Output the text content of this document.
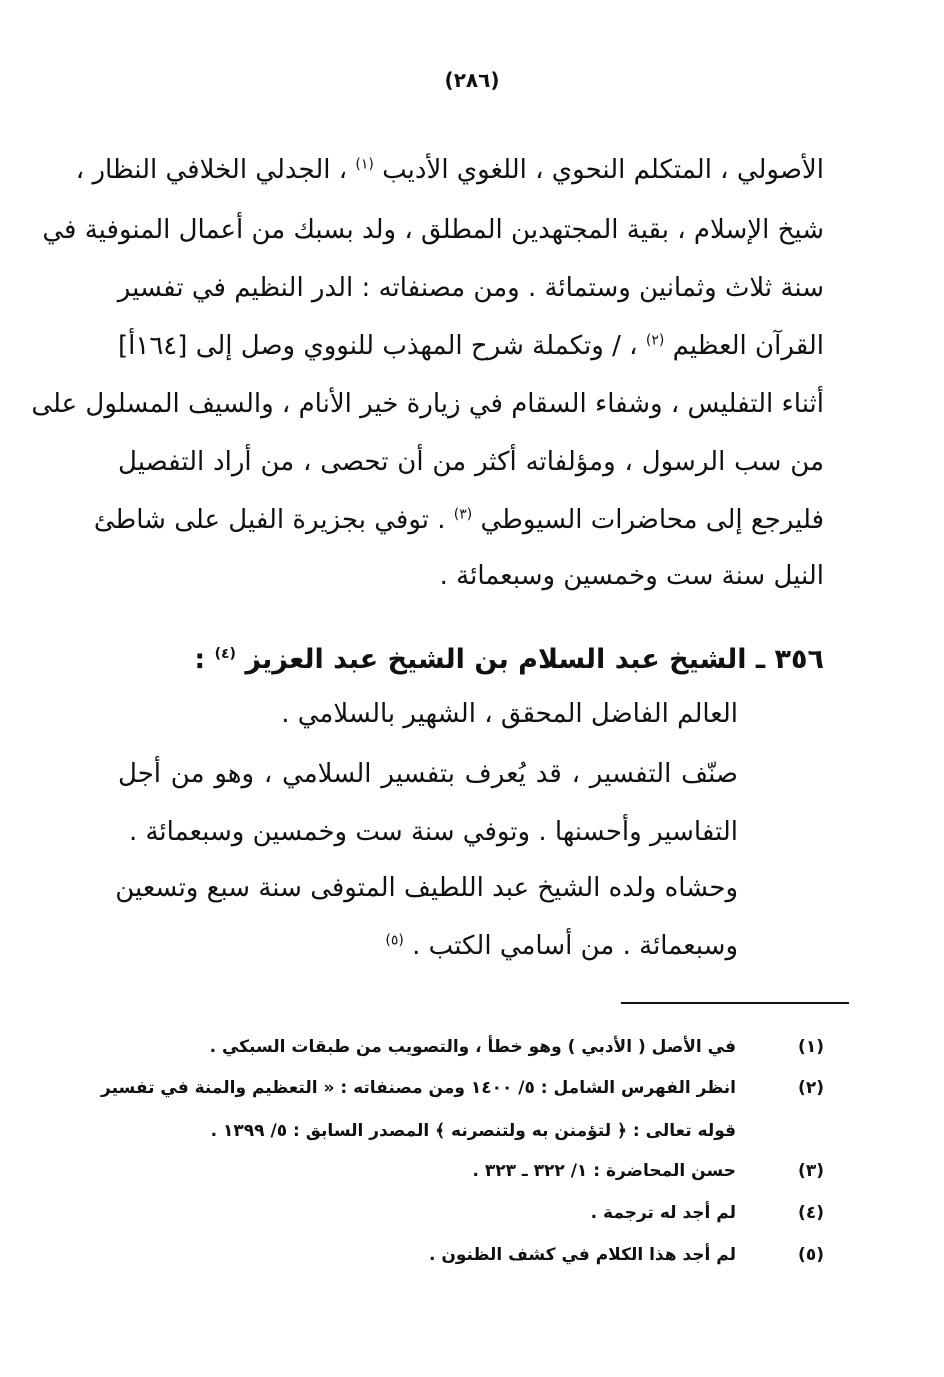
(٢٨٦)
الأصولي ، المتكلم النحوي ، اللغوي الأديب $^{(١)}$ ، الجدلي الخلافي النظار ،
شيخ الإسلام ، بقية المجتهدين المطلق ، ولد بسبك من أعمال المنوفية في
سنة ثلاث وثمانين وستمائة . ومن مصنفاته : الدر النظيم في تفسير
القرآن العظيم $^{(٢)}$ ، / وتكملة شرح المهذب للنووي وصل إلى [١٦٤أ]
أثناء التفليس ، وشفاء السقام في زيارة خير الأنام ، والسيف المسلول على
من سب الرسول ، ومؤلفاته أكثر من أن تحصى ، من أراد التفصيل
فليرجع إلى محاضرات السيوطي $^{(٣)}$ . توفي بجزيرة الفيل على شاطئ
النيل سنة ست وخمسين وسبعمائة .
٣٥٦ ـ الشيخ عبد السلام بن الشيخ عبد العزيز $^{(٤)}$ :
العالم الفاضل المحقق ، الشهير بالسلامي .
صنّف التفسير ، قد يُعرف بتفسير السلامي ، وهو من أجل
التفاسير وأحسنها . وتوفي سنة ست وخمسين وسبعمائة .
وحشاه ولده الشيخ عبد اللطيف المتوفى سنة سبع وتسعين
وسبعمائة . من أسامي الكتب . $^{(٥)}$
(١)
في الأصل ( الأدبي ) وهو خطأ ، والتصويب من طبقات السبكي .
(٢)
انظر الفهرس الشامل : ٥/ ١٤٠٠ ومن مصنفاته : « التعظيم والمنة في تفسير
قوله تعالى : ﴿ لتؤمنن به ولتنصرنه ﴾ المصدر السابق : ٥/ ١٣٩٩ .
(٣)
حسن المحاضرة : ١/ ٣٢٢ ـ ٣٢٣ .
(٤)
لم أجد له ترجمة .
(٥)
لم أجد هذا الكلام في كشف الظنون .
